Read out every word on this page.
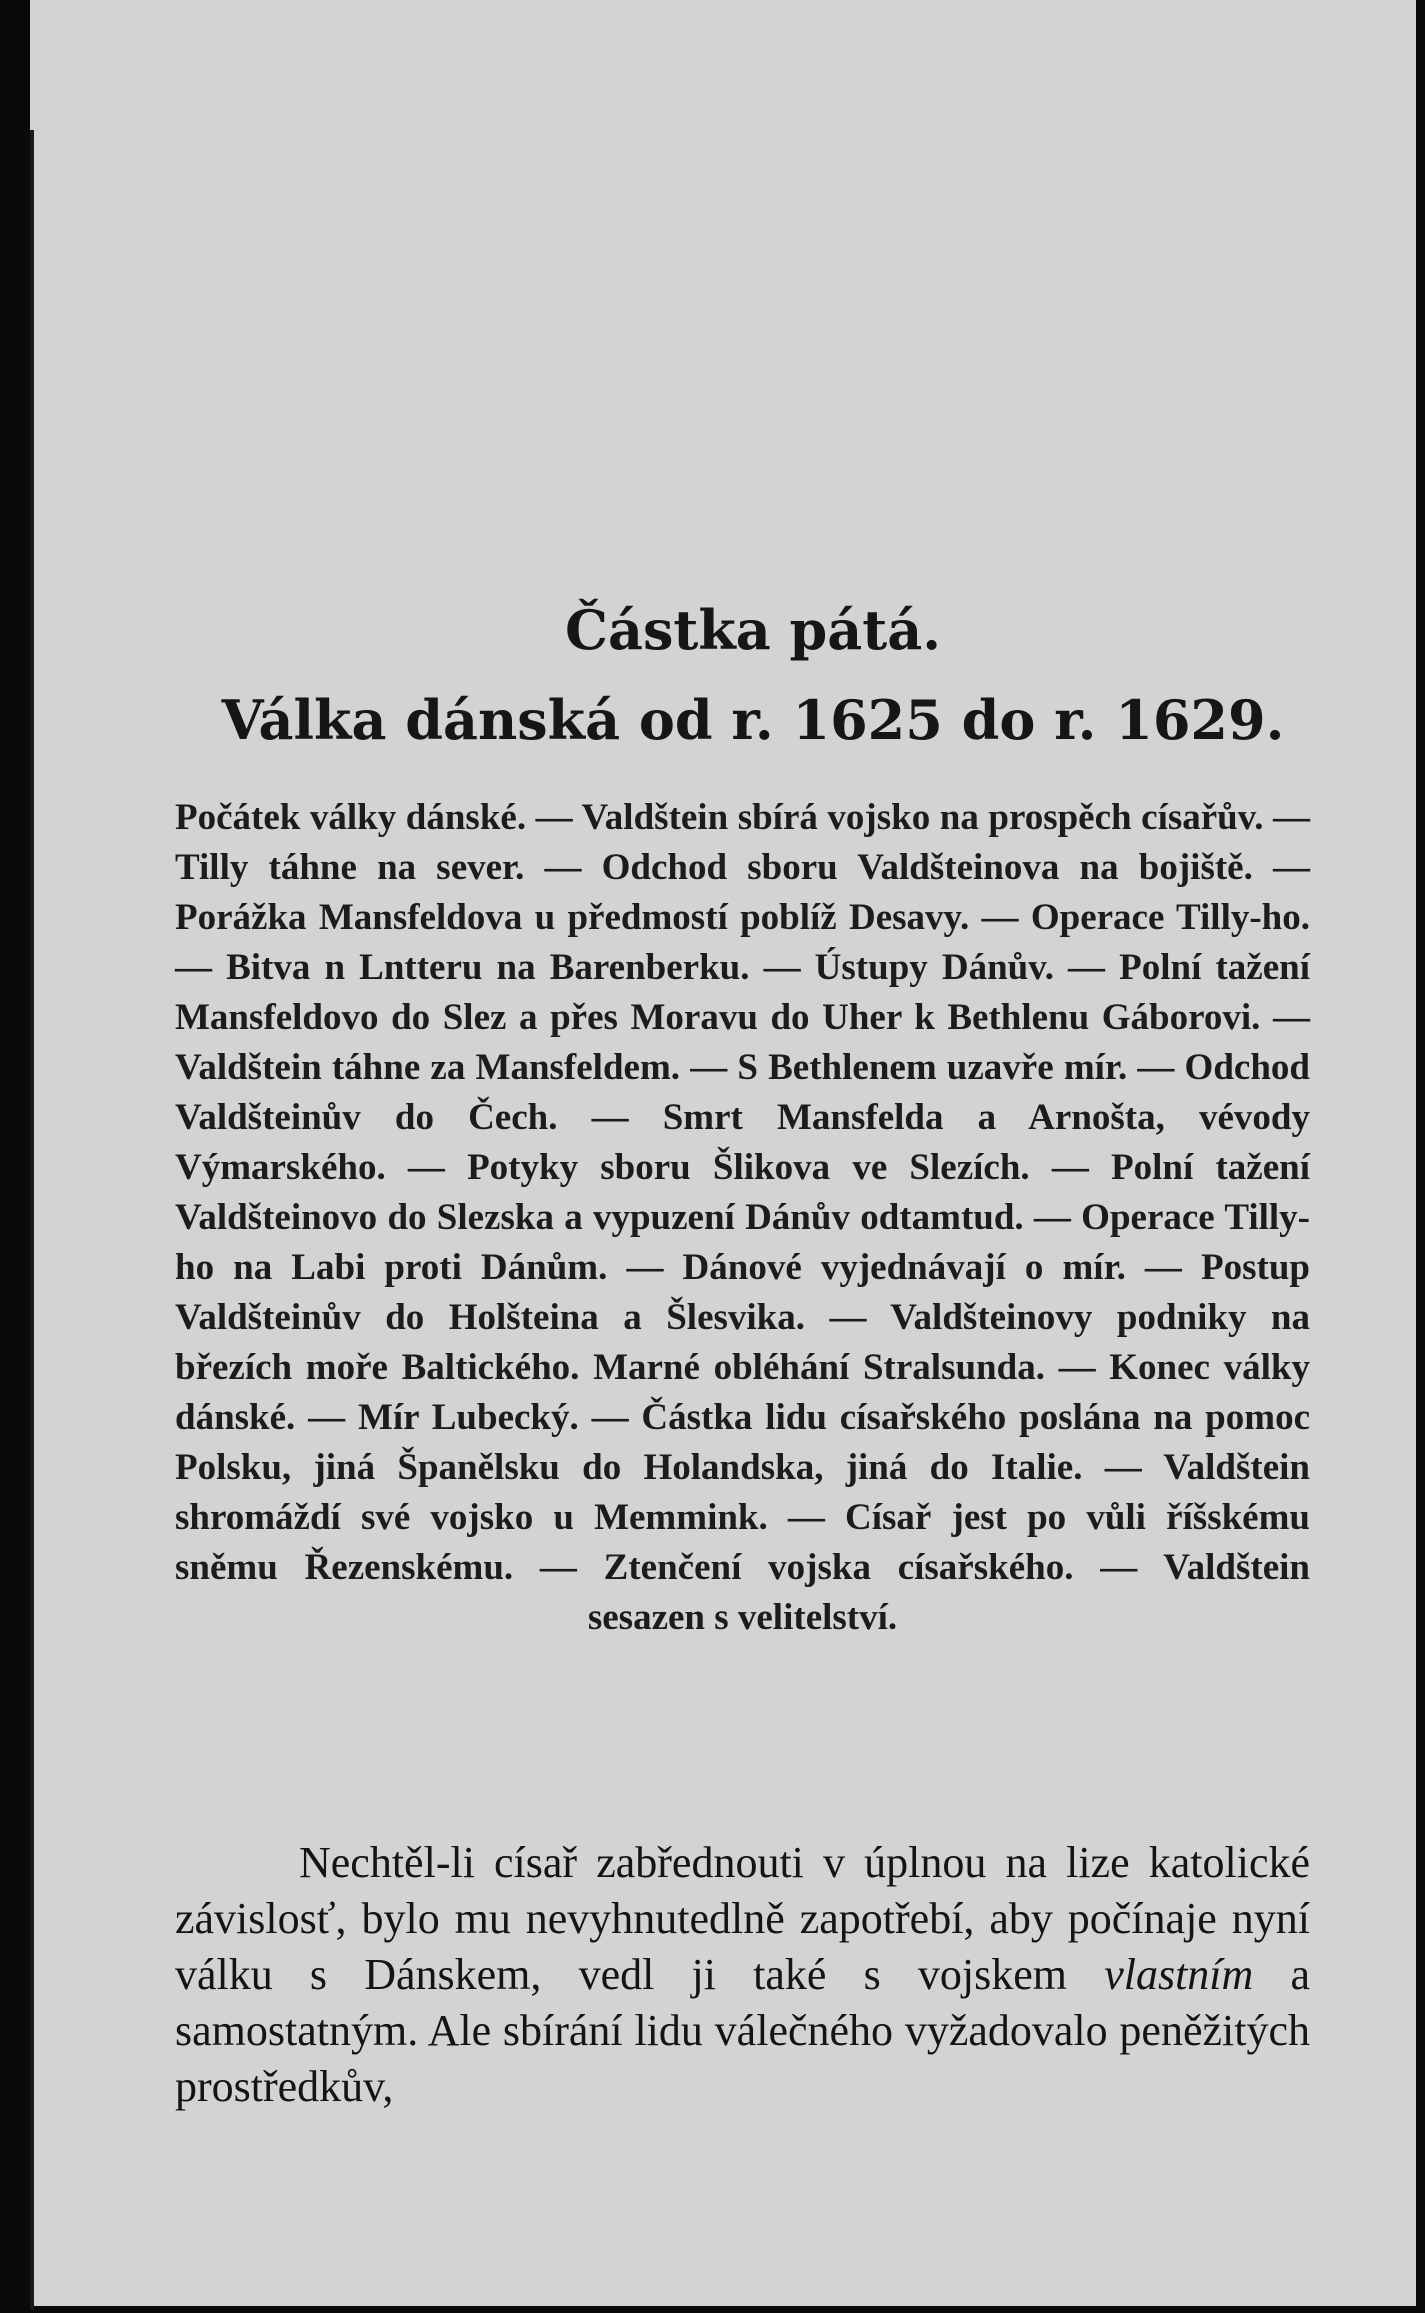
Částka pátá.
Válka dánská od r. 1625 do r. 1629.

Počátek války dánské. — Valdštein sbírá vojsko na prospěch císařův. — Tilly táhne na sever. — Odchod sboru Valdšteinova na bojiště. — Porážka Mansfeldova u předmostí poblíž Desavy. — Operace Tilly-ho. — Bitva n Lntteru na Barenberku. — Ústupy Dánův. — Polní tažení Mansfeldovo do Slez a přes Moravu do Uher k Bethlenu Gáborovi. — Valdštein táhne za Mansfeldem. — S Bethlenem uzavře mír. — Odchod Valdšteinův do Čech. — Smrt Mansfelda a Arnošta, vévody Výmarského. — Potyky sboru Šlikova ve Slezích. — Polní tažení Valdšteinovo do Slezska a vypuzení Dánův odtamtud. — Operace Tilly-ho na Labi proti Dánům. — Dánové vyjednávají o mír. — Postup Valdšteinův do Holšteina a Šlesvika. — Valdšteinovy podniky na březích moře Baltického. Marné obléhání Stralsunda. — Konec války dánské. — Mír Lubecký. — Částka lidu císařského poslána na pomoc Polsku, jiná Španělsku do Holandska, jiná do Italie. — Valdštein shromáždí své vojsko u Memmink. — Císař jest po vůli říšskému sněmu Řezenskému. — Ztenčení vojska císařského. — Valdštein sesazen s velitelství.

Nechtěl-li císař zabřednouti v úplnou na lize katolické závislosť, bylo mu nevyhnutedlně zapotřebí, aby počínaje nyní válku s Dánskem, vedl ji také s vojskem vlastním a samostatným. Ale sbírání lidu válečného vyžadovalo peněžitých prostředkův,
